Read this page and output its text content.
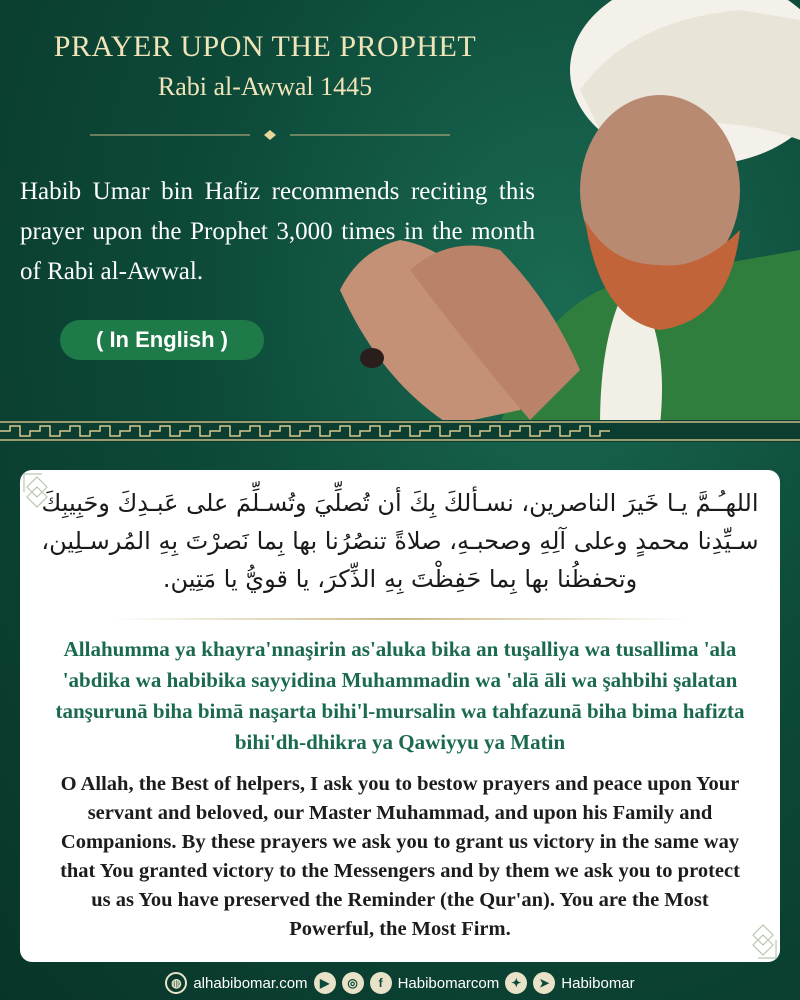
PRAYER UPON THE PROPHET
Rabi al-Awwal 1445
Habib Umar bin Hafiz recommends reciting this prayer upon the Prophet 3,000 times in the month of Rabi al-Awwal.
( In English )
اللهـُـمَّ يـا خَيرَ الناصرين، نسـألكَ بِكَ أن تُصلِّيَ وتُسـلِّمَ على عَبـدِكَ وحَبِيبِكَ سـيِّدِنا محمدٍ وعلى آلِهِ وصحبـهِ، صلاةً تنصُرُنا بها بِما نَصرْتَ بِهِ المُرسـلِين، وتحفظُنا بها بِما حَفِظْتَ بِهِ الذِّكرَ، يا قويُّ يا مَتِين.
Allahumma ya khayra'nnaşirin as'aluka bika an tuşalliya wa tusallima 'ala 'abdika wa habibika sayyidina Muhammadin wa 'alā āli wa şahbihi şalatan tanşurunā biha bimā naşarta bihi'l-mursalin wa tahfazunā biha bima hafizta bihi'dh-dhikra ya Qawiyyu ya Matin
O Allah, the Best of helpers, I ask you to bestow prayers and peace upon Your servant and beloved, our Master Muhammad, and upon his Family and Companions. By these prayers we ask you to grant us victory in the same way that You granted victory to the Messengers and by them we ask you to protect us as You have preserved the Reminder (the Qur'an). You are the Most Powerful, the Most Firm.
◍ alhabibomar.com	▶	◎	f	Habibomarcom ✦	➤ Habibomar
